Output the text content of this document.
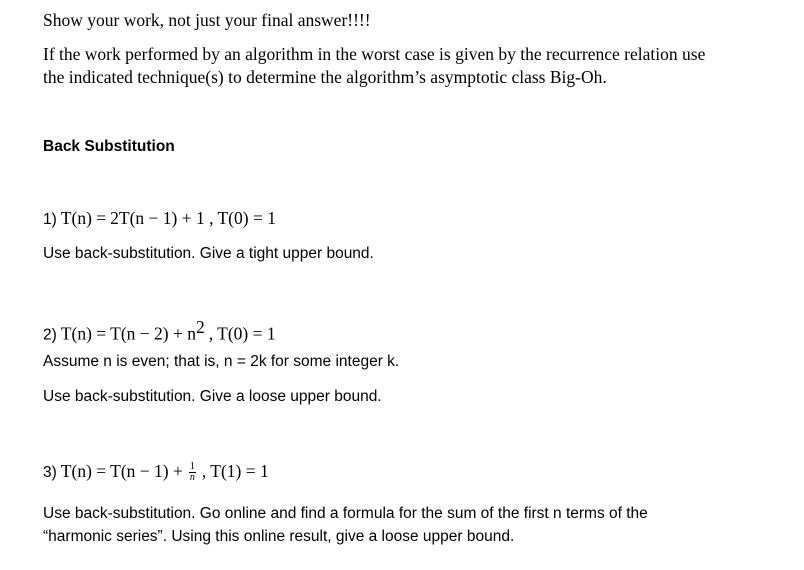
Show your work, not just your final answer!!!!
If the work performed by an algorithm in the worst case is given by the recurrence relation use
the indicated technique(s) to determine the algorithm’s asymptotic class Big-Oh.
Back Substitution
1) T(n) = 2T(n − 1) + 1 , T(0) = 1
Use back-substitution. Give a tight upper bound.
2) $T(n) = T(n - 2) + n^2$ , T(0) = 1
Assume n is even; that is, n = 2k for some integer k.
Use back-substitution. Give a loose upper bound.
3) $T(n) = T(n - 1) + \frac{1}{n}$ , T(1) = 1
Use back-substitution. Go online and find a formula for the sum of the first n terms of the
“harmonic series”. Using this online result, give a loose upper bound.
